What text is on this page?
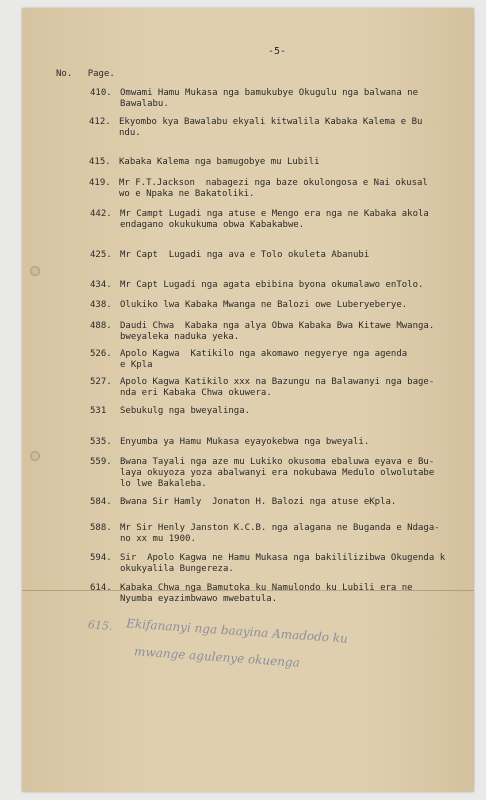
-5-
No. Page.
410. Omwami Hamu Mukasa nga bamukubye Okugulu nga balwana ne
Bawalabu.
412. Ekyombo kya Bawalabu ekyali kitwalila Kabaka Kalema e Bu
ndu.
415. Kabaka Kalema nga bamugobye mu Lubili
419. Mr F.T.Jackson  nabagezi nga baze okulongosa e Nai okusal
wo e Npaka ne Bakatoliki.
442. Mr Campt Lugadi nga atuse e Mengo era nga ne Kabaka akola
endagano okukukuma obwa Kabakabwe.
425. Mr Capt  Lugadi nga ava e Tolo okuleta Abanubi
434. Mr Capt Lugadi nga agata ebibina byona okumalawo enTolo.
438. Olukiko lwa Kabaka Mwanga ne Balozi owe Luberyeberye.
488. Daudi Chwa  Kabaka nga alya Obwa Kabaka Bwa Kitawe Mwanga.
bweyaleka naduka yeka.
526. Apolo Kagwa  Katikilo nga akomawo negyerye nga agenda
e Kpla
527. Apolo Kagwa Katikilo xxx na Bazungu na Balawanyi nga bage-
nda eri Kabaka Chwa okuwera.
531 Sebukulg nga bweyalinga.
535. Enyumba ya Hamu Mukasa eyayokebwa nga bweyali.
559. Bwana Tayali nga aze mu Lukiko okusoma ebaluwa eyava e Bu-
laya okuyoza yoza abalwanyi era nokubawa Medulo olwolutabe
lo lwe Bakaleba.
584. Bwana Sir Hamly  Jonaton H. Balozi nga atuse eKpla.
588. Mr Sir Henly Janston K.C.B. nga alagana ne Buganda e Ndaga-
no xx mu 1900.
594. Sir  Apolo Kagwa ne Hamu Mukasa nga bakililizibwa Okugenda k
okukyalila Bungereza.
614. Kabaka Chwa nga Bamutoka ku Namulondo ku Lubili era ne
Nyumba eyazimbwawo mwebatula.
615. Ekifananyi nga baayina Amadodo ku
mwange agulenye okuenga
